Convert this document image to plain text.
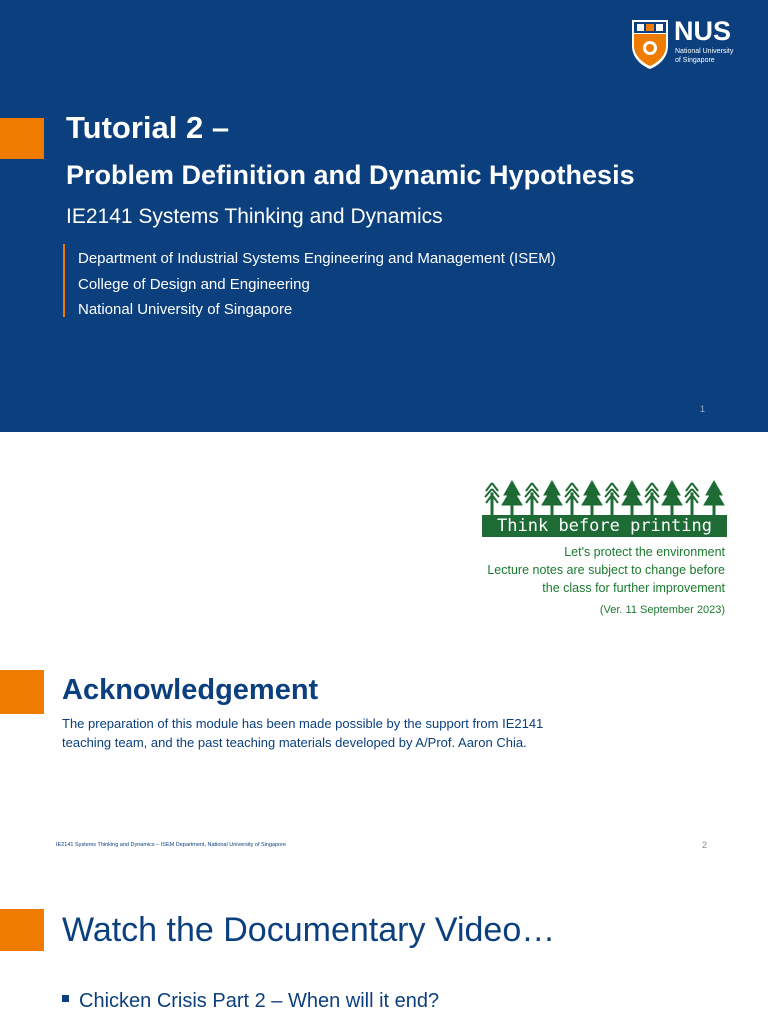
NUS
National University
of Singapore
Tutorial 2 –
Problem Definition and Dynamic Hypothesis
IE2141 Systems Thinking and Dynamics
Department of Industrial Systems Engineering and Management (ISEM)
College of Design and Engineering
National University of Singapore
1
Think before printing
Let's protect the environment
Lecture notes are subject to change before
the class for further improvement
(Ver. 11 September 2023)
Acknowledgement
The preparation of this module has been made possible by the support from IE2141
teaching team, and the past teaching materials developed by A/Prof. Aaron Chia.
IE2141 Systems Thinking and Dynamics – ISEM Department, National University of Singapore	2
Watch the Documentary Video…
Chicken Crisis Part 2 – When will it end?
